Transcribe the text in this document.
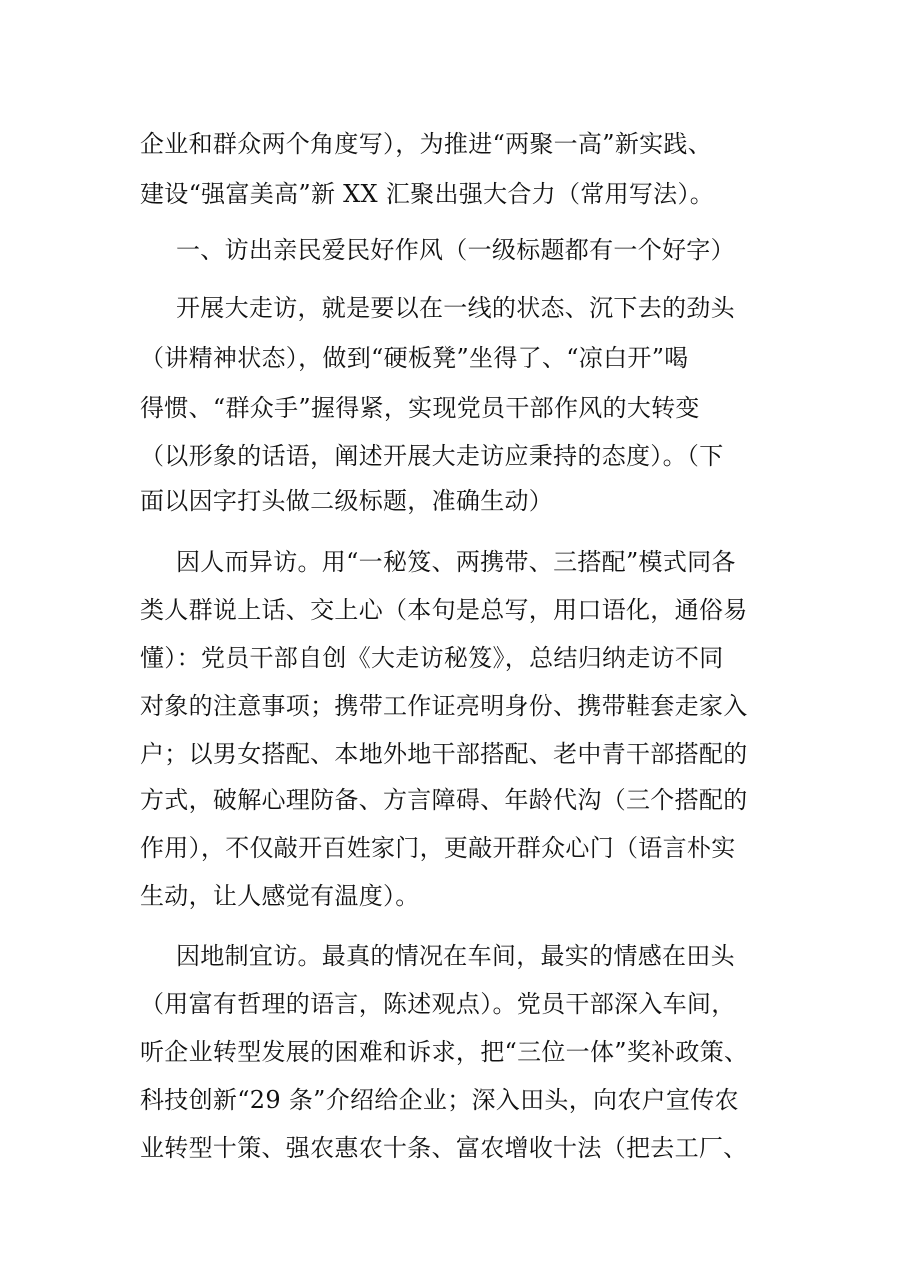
企业和群众两个角度写），为推进“两聚一高”新实践、
建设“强富美高”新 XX 汇聚出强大合力（常用写法）。
一、访出亲民爱民好作风（一级标题都有一个好字）
开展大走访，就是要以在一线的状态、沉下去的劲头
（讲精神状态），做到“硬板凳”坐得了、“凉白开”喝
得惯、“群众手”握得紧，实现党员干部作风的大转变
（以形象的话语，阐述开展大走访应秉持的态度）。（下
面以因字打头做二级标题，准确生动）
因人而异访。用“一秘笈、两携带、三搭配”模式同各
类人群说上话、交上心（本句是总写，用口语化，通俗易
懂）：党员干部自创《大走访秘笈》，总结归纳走访不同
对象的注意事项；携带工作证亮明身份、携带鞋套走家入
户；以男女搭配、本地外地干部搭配、老中青干部搭配的
方式，破解心理防备、方言障碍、年龄代沟（三个搭配的
作用），不仅敲开百姓家门，更敲开群众心门（语言朴实
生动，让人感觉有温度）。
因地制宜访。最真的情况在车间，最实的情感在田头
（用富有哲理的语言，陈述观点）。党员干部深入车间，
听企业转型发展的困难和诉求，把“三位一体”奖补政策、
科技创新“29 条”介绍给企业；深入田头，向农户宣传农
业转型十策、强农惠农十条、富农增收十法（把去工厂、
